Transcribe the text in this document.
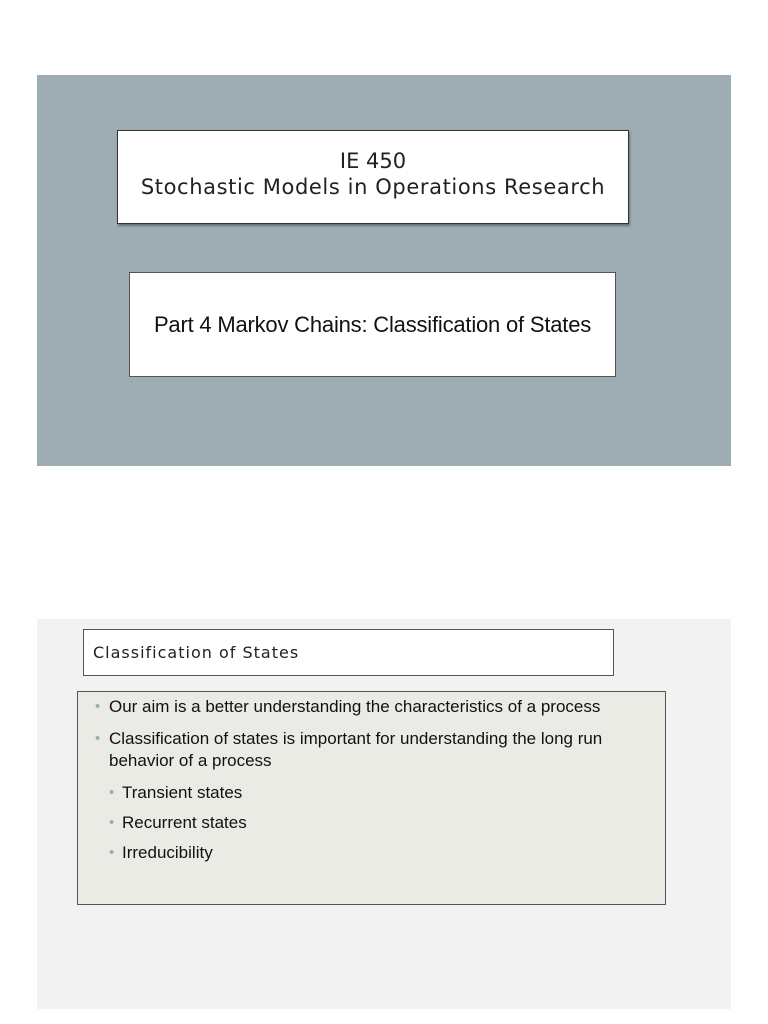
IE 450
Stochastic Models in Operations Research
Part 4 Markov Chains: Classification of States
Classification of States
• Our aim is a better understanding the characteristics of a process
• Classification of states is important for understanding the long run behavior of a process
• Transient states
• Recurrent states
• Irreducibility
